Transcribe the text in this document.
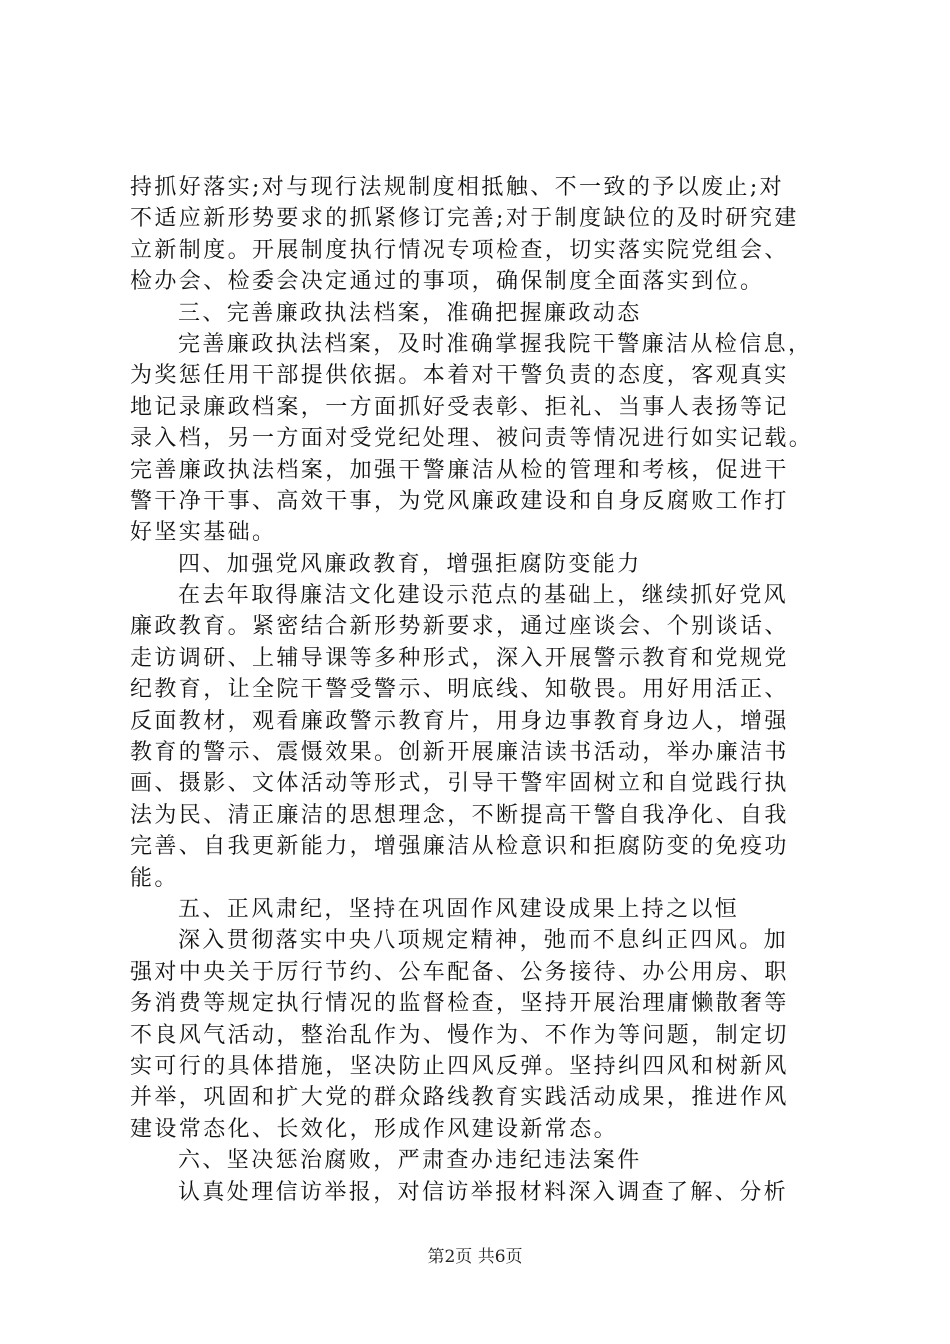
持抓好落实;对与现行法规制度相抵触、不一致的予以废止;对
不适应新形势要求的抓紧修订完善;对于制度缺位的及时研究建
立新制度。开展制度执行情况专项检查，切实落实院党组会、
检办会、检委会决定通过的事项，确保制度全面落实到位。
三、完善廉政执法档案，准确把握廉政动态
完善廉政执法档案，及时准确掌握我院干警廉洁从检信息，
为奖惩任用干部提供依据。本着对干警负责的态度，客观真实
地记录廉政档案，一方面抓好受表彰、拒礼、当事人表扬等记
录入档，另一方面对受党纪处理、被问责等情况进行如实记载。
完善廉政执法档案，加强干警廉洁从检的管理和考核，促进干
警干净干事、高效干事，为党风廉政建设和自身反腐败工作打
好坚实基础。
四、加强党风廉政教育，增强拒腐防变能力
在去年取得廉洁文化建设示范点的基础上，继续抓好党风
廉政教育。紧密结合新形势新要求，通过座谈会、个别谈话、
走访调研、上辅导课等多种形式，深入开展警示教育和党规党
纪教育，让全院干警受警示、明底线、知敬畏。用好用活正、
反面教材，观看廉政警示教育片，用身边事教育身边人，增强
教育的警示、震慑效果。创新开展廉洁读书活动，举办廉洁书
画、摄影、文体活动等形式，引导干警牢固树立和自觉践行执
法为民、清正廉洁的思想理念，不断提高干警自我净化、自我
完善、自我更新能力，增强廉洁从检意识和拒腐防变的免疫功
能。
五、正风肃纪，坚持在巩固作风建设成果上持之以恒
深入贯彻落实中央八项规定精神，弛而不息纠正四风。加
强对中央关于厉行节约、公车配备、公务接待、办公用房、职
务消费等规定执行情况的监督检查，坚持开展治理庸懒散奢等
不良风气活动，整治乱作为、慢作为、不作为等问题，制定切
实可行的具体措施，坚决防止四风反弹。坚持纠四风和树新风
并举，巩固和扩大党的群众路线教育实践活动成果，推进作风
建设常态化、长效化，形成作风建设新常态。
六、坚决惩治腐败，严肃查办违纪违法案件
认真处理信访举报，对信访举报材料深入调查了解、分析
第2页 共6页
